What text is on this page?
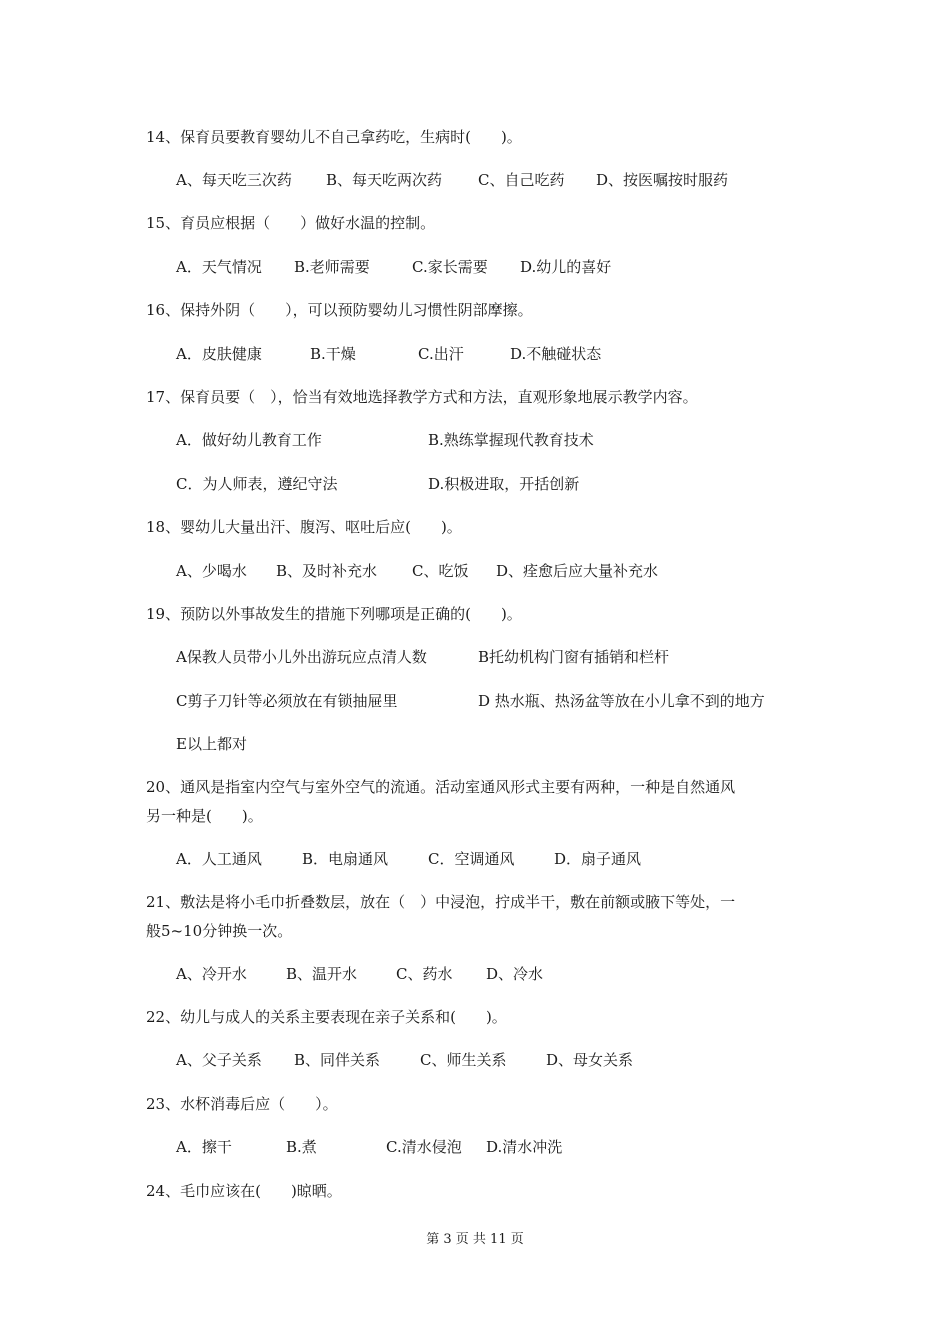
14、保育员要教育婴幼儿不自己拿药吃，生病时(　　)。
A、每天吃三次药 B、每天吃两次药 C、自己吃药 D、按医嘱按时服药
15、育员应根据（　　）做好水温的控制。
A．天气情况 B.老师需要	C.家长需要 D.幼儿的喜好
16、保持外阴（　　），可以预防婴幼儿习惯性阴部摩擦。
A．皮肤健康	B.干燥	C.出汗	D.不触碰状态
17、保育员要（　），恰当有效地选择教学方式和方法，直观形象地展示教学内容。
A．做好幼儿教育工作	B.熟练掌握现代教育技术
C．为人师表，遵纪守法	D.积极进取，开括创新
18、婴幼儿大量出汗、腹泻、呕吐后应(　　)。
A、少喝水 B、及时补充水 C、吃饭 D、痊愈后应大量补充水
19、预防以外事故发生的措施下列哪项是正确的(　　)。
A保教人员带小儿外出游玩应点清人数	B托幼机构门窗有插销和栏杆
C剪子刀针等必须放在有锁抽屉里	D 热水瓶、热汤盆等放在小儿拿不到的地方
E以上都对
20、通风是指室内空气与室外空气的流通。活动室通风形式主要有两种，一种是自然通风
另一种是(　　)。
A．人工通风	B．电扇通风	C．空调通风	D．扇子通风
21、敷法是将小毛巾折叠数层，放在（　）中浸泡，拧成半干，敷在前额或腋下等处，一
般5~10分钟换一次。
A、冷开水	B、温开水	C、药水 D、冷水
22、幼儿与成人的关系主要表现在亲子关系和(　　)。
A、父子关系 B、同伴关系	C、师生关系	D、母女关系
23、水杯消毒后应（　　）。
A．擦干	B.煮	C.清水侵泡 D.清水冲洗
24、毛巾应该在(　　)晾晒。
第 3 页 共 11 页
